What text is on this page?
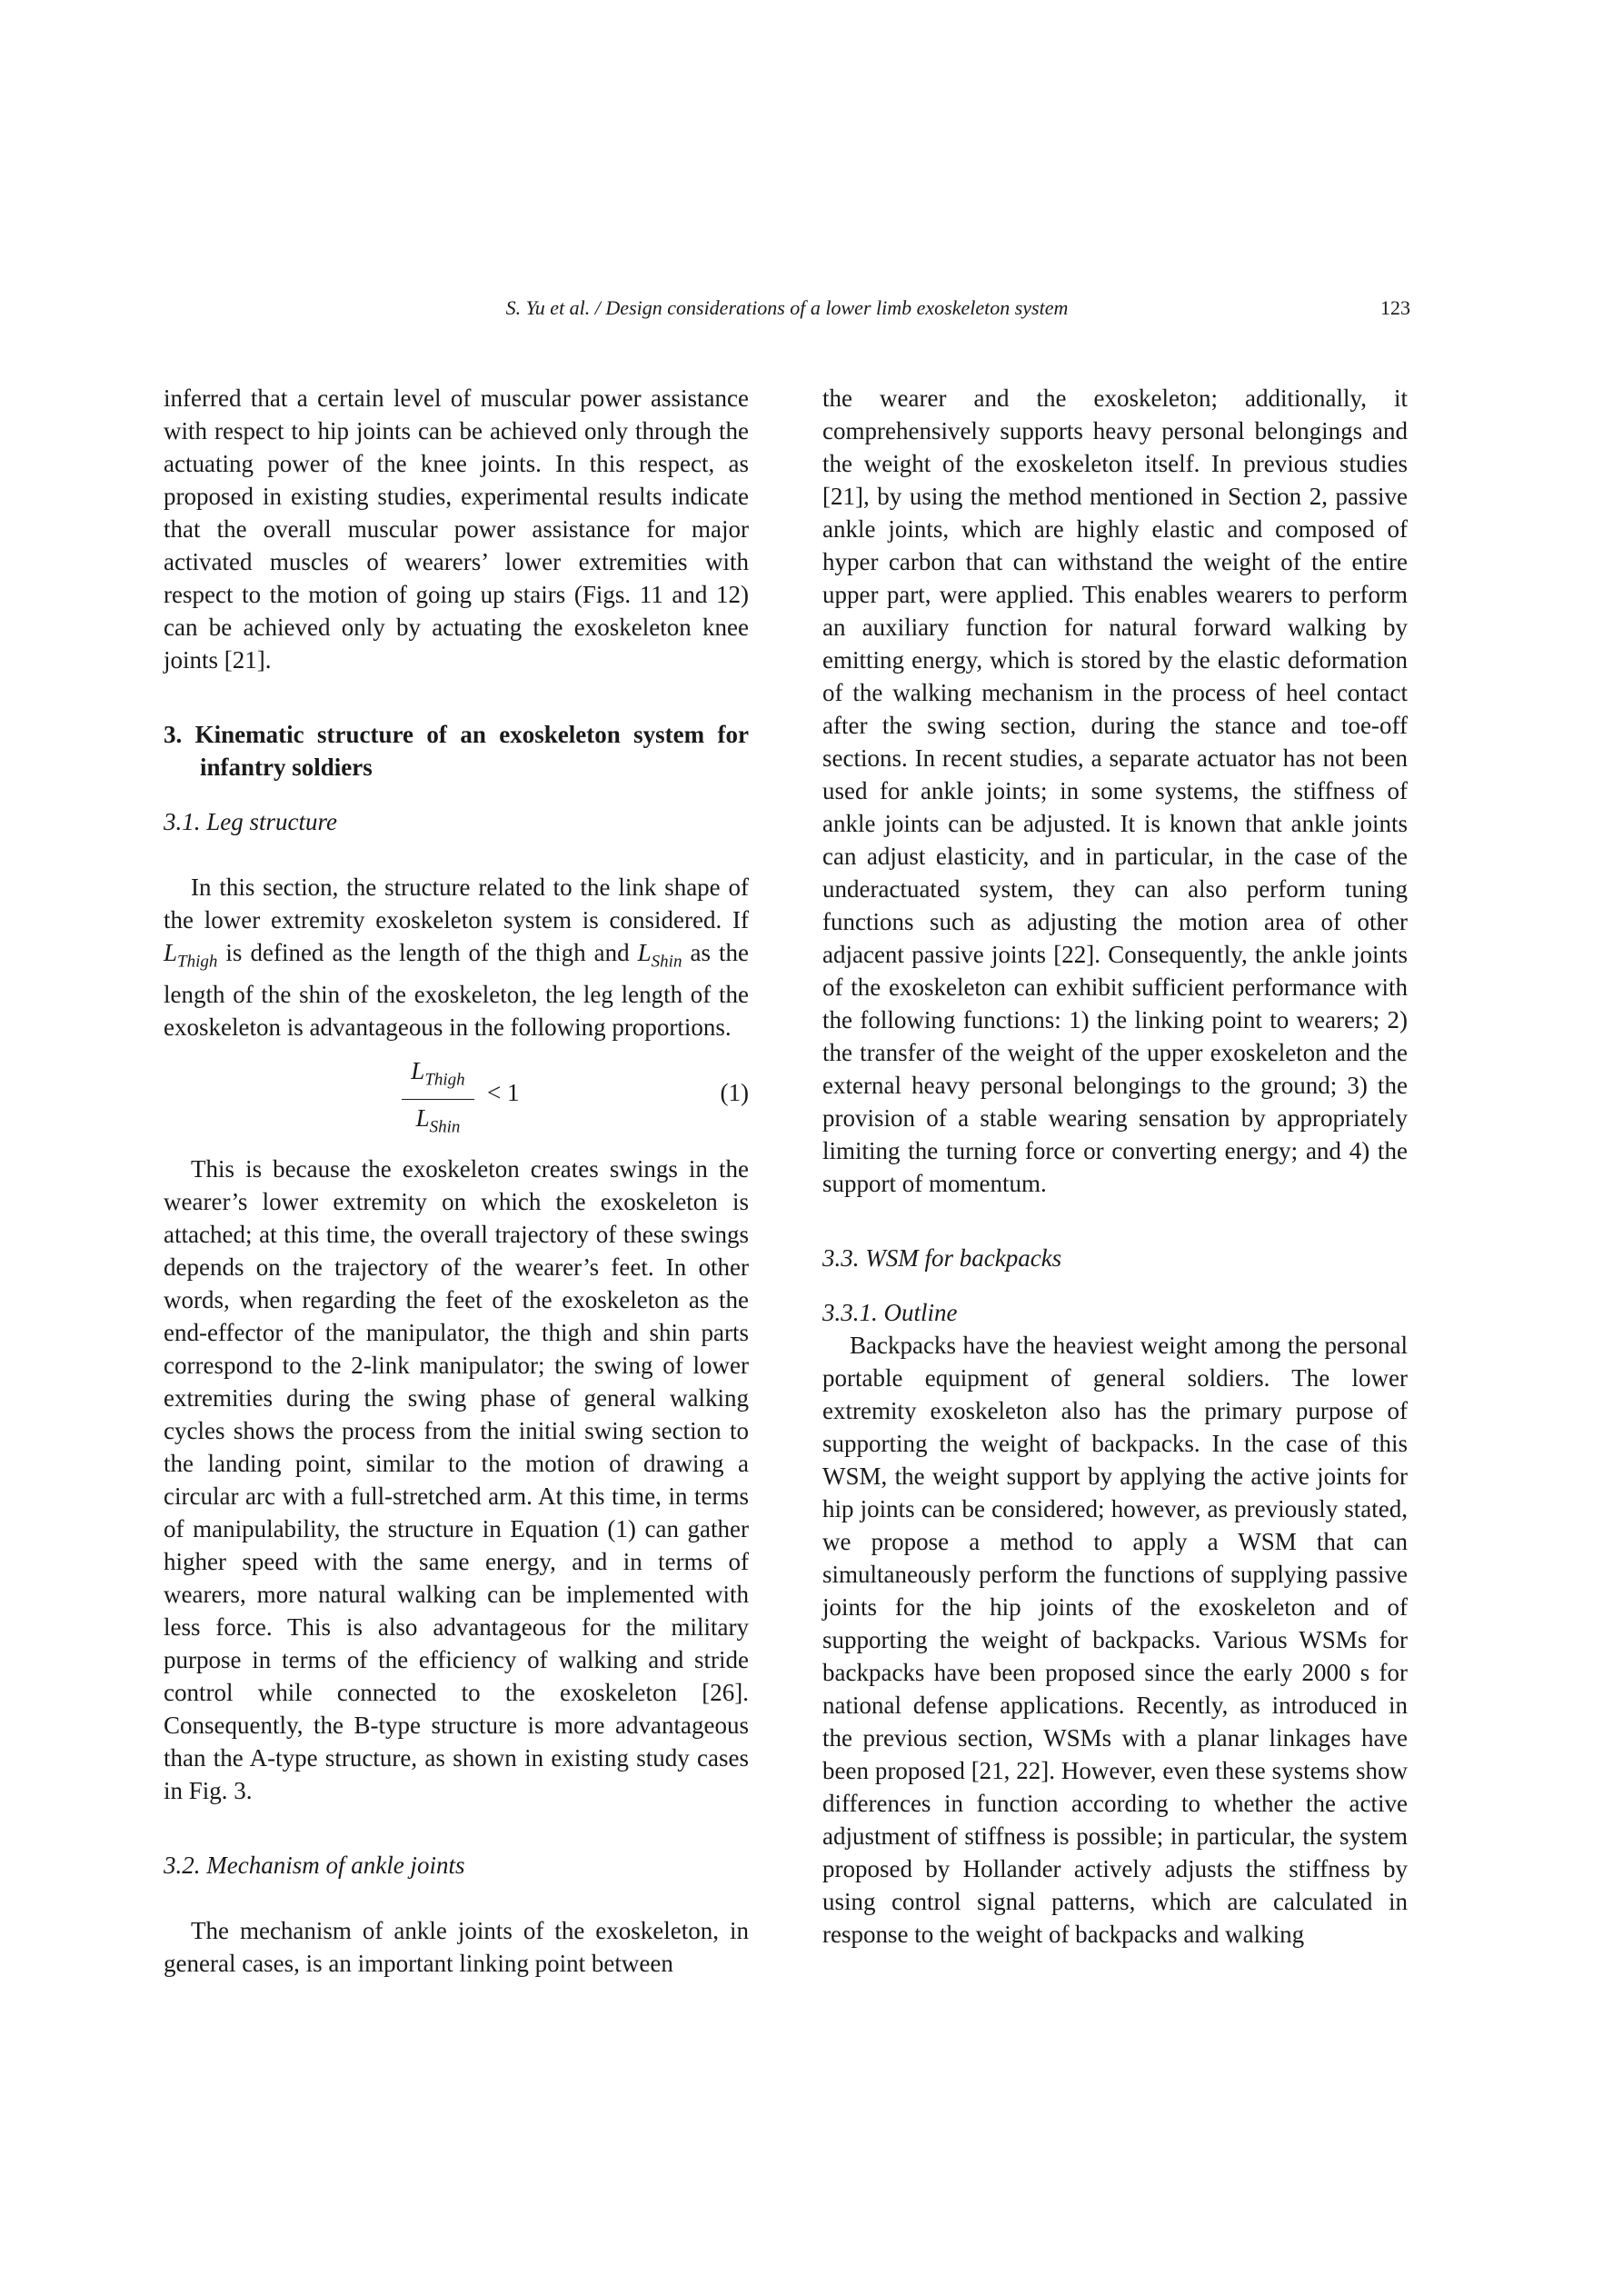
S. Yu et al. / Design considerations of a lower limb exoskeleton system	123

inferred that a certain level of muscular power assistance with respect to hip joints can be achieved only through the actuating power of the knee joints. In this respect, as proposed in existing studies, experimental results indicate that the overall muscular power assistance for major activated muscles of wearers’ lower extremities with respect to the motion of going up stairs (Figs. 11 and 12) can be achieved only by actuating the exoskeleton knee joints [21].

3. Kinematic structure of an exoskeleton system for infantry soldiers

3.1. Leg structure

In this section, the structure related to the link shape of the lower extremity exoskeleton system is considered. If $L_{Thigh}$ is defined as the length of the thigh and $L_{Shin}$ as the length of the shin of the exoskeleton, the leg length of the exoskeleton is advantageous in the following proportions.

$L_{Thigh}$
$L_{Shin}$
< 1	(1)

This is because the exoskeleton creates swings in the wearer’s lower extremity on which the exoskeleton is attached; at this time, the overall trajectory of these swings depends on the trajectory of the wearer’s feet. In other words, when regarding the feet of the exoskeleton as the end-effector of the manipulator, the thigh and shin parts correspond to the 2-link manipulator; the swing of lower extremities during the swing phase of general walking cycles shows the process from the initial swing section to the landing point, similar to the motion of drawing a circular arc with a full-stretched arm. At this time, in terms of manipulability, the structure in Equation (1) can gather higher speed with the same energy, and in terms of wearers, more natural walking can be implemented with less force. This is also advantageous for the military purpose in terms of the efficiency of walking and stride control while connected to the exoskeleton [26]. Consequently, the B-type structure is more advantageous than the A-type structure, as shown in existing study cases in Fig. 3.

3.2. Mechanism of ankle joints

The mechanism of ankle joints of the exoskeleton, in general cases, is an important linking point between

the wearer and the exoskeleton; additionally, it comprehensively supports heavy personal belongings and the weight of the exoskeleton itself. In previous studies [21], by using the method mentioned in Section 2, passive ankle joints, which are highly elastic and composed of hyper carbon that can withstand the weight of the entire upper part, were applied. This enables wearers to perform an auxiliary function for natural forward walking by emitting energy, which is stored by the elastic deformation of the walking mechanism in the process of heel contact after the swing section, during the stance and toe-off sections. In recent studies, a separate actuator has not been used for ankle joints; in some systems, the stiffness of ankle joints can be adjusted. It is known that ankle joints can adjust elasticity, and in particular, in the case of the underactuated system, they can also perform tuning functions such as adjusting the motion area of other adjacent passive joints [22]. Consequently, the ankle joints of the exoskeleton can exhibit sufficient performance with the following functions: 1) the linking point to wearers; 2) the transfer of the weight of the upper exoskeleton and the external heavy personal belongings to the ground; 3) the provision of a stable wearing sensation by appropriately limiting the turning force or converting energy; and 4) the support of momentum.

3.3. WSM for backpacks

3.3.1. Outline

Backpacks have the heaviest weight among the personal portable equipment of general soldiers. The lower extremity exoskeleton also has the primary purpose of supporting the weight of backpacks. In the case of this WSM, the weight support by applying the active joints for hip joints can be considered; however, as previously stated, we propose a method to apply a WSM that can simultaneously perform the functions of supplying passive joints for the hip joints of the exoskeleton and of supporting the weight of backpacks. Various WSMs for backpacks have been proposed since the early 2000 s for national defense applications. Recently, as introduced in the previous section, WSMs with a planar linkages have been proposed [21, 22]. However, even these systems show differences in function according to whether the active adjustment of stiffness is possible; in particular, the system proposed by Hollander actively adjusts the stiffness by using control signal patterns, which are calculated in response to the weight of backpacks and walking
